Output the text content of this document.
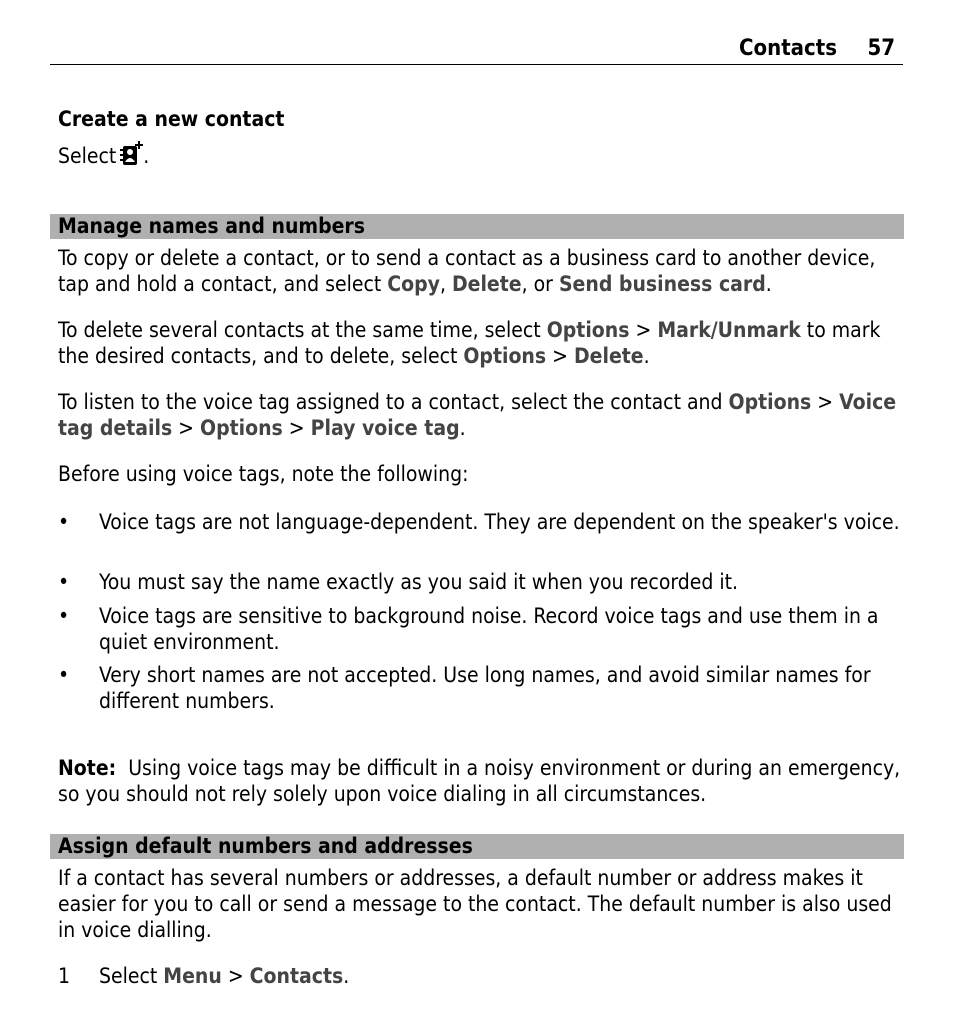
Contacts 57

Create a new contact

Select .

Manage names and numbers

To copy or delete a contact, or to send a contact as a business card to another device, tap and hold a contact, and select Copy, Delete, or Send business card.

To delete several contacts at the same time, select Options > Mark/Unmark to mark the desired contacts, and to delete, select Options > Delete.

To listen to the voice tag assigned to a contact, select the contact and Options > Voice tag details > Options > Play voice tag.

Before using voice tags, note the following:

• Voice tags are not language-dependent. They are dependent on the speaker's voice.
• You must say the name exactly as you said it when you recorded it.
• Voice tags are sensitive to background noise. Record voice tags and use them in a quiet environment.
• Very short names are not accepted. Use long names, and avoid similar names for different numbers.

Note: Using voice tags may be difficult in a noisy environment or during an emergency, so you should not rely solely upon voice dialing in all circumstances.

Assign default numbers and addresses

If a contact has several numbers or addresses, a default number or address makes it easier for you to call or send a message to the contact. The default number is also used in voice dialling.

1 Select Menu > Contacts.
